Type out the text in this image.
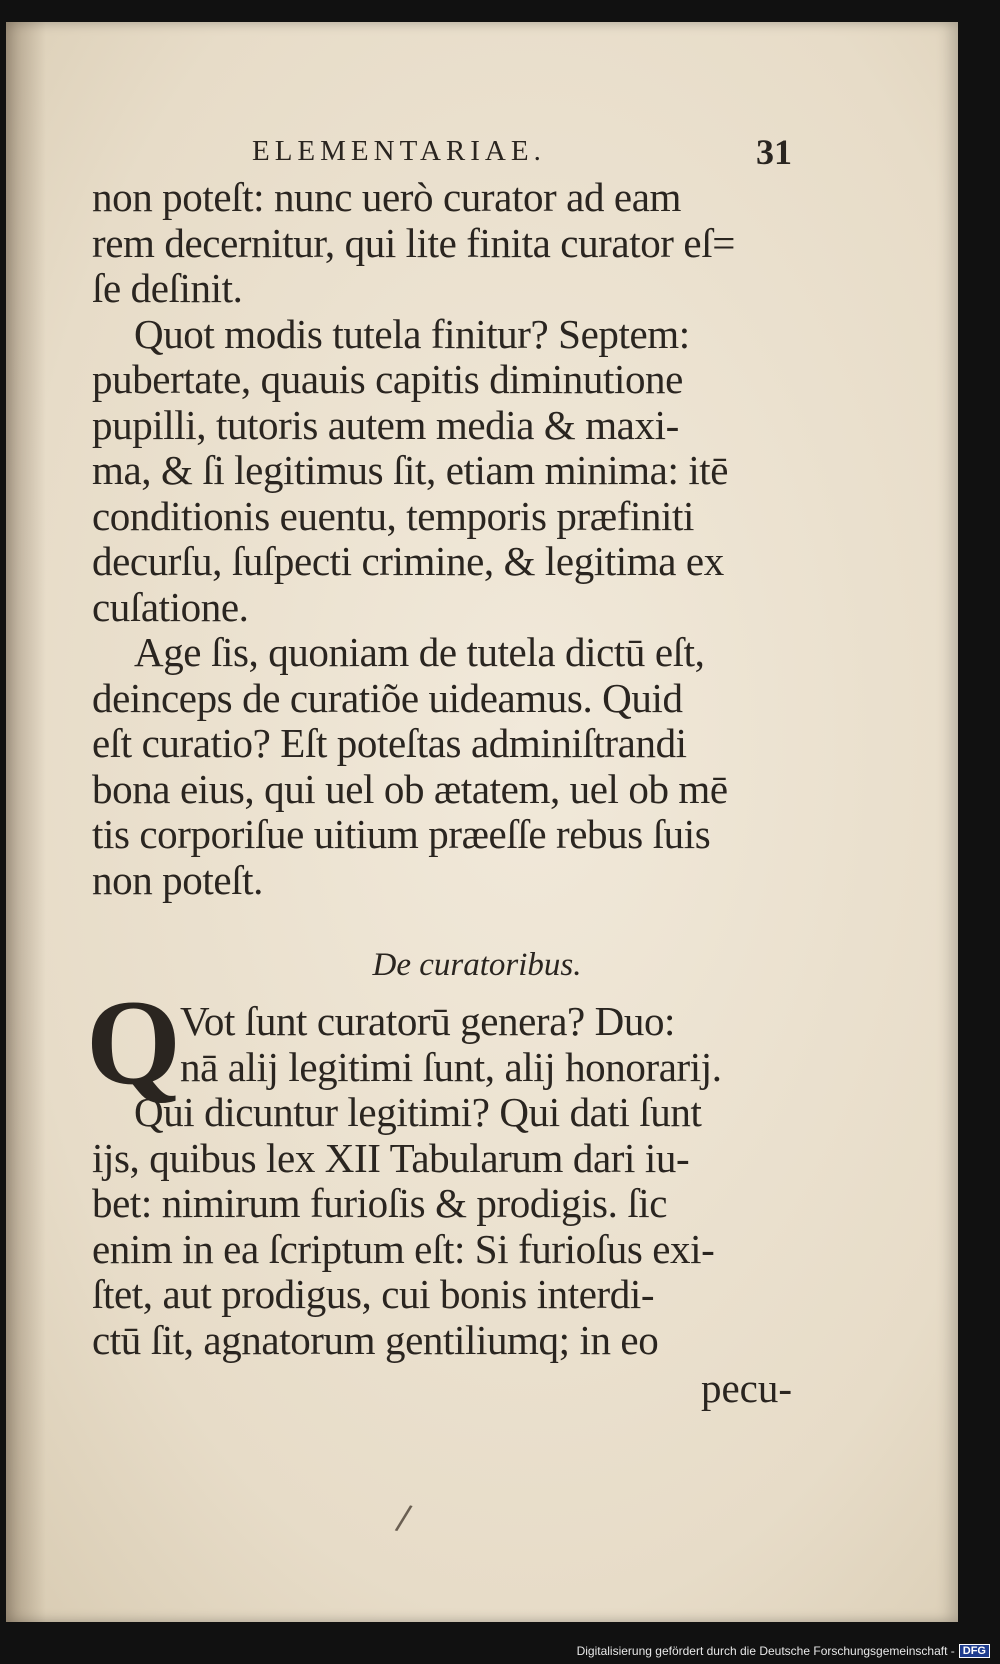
ELEMENTARIAE.	31
non poteſt: nunc uerò curator ad eam
rem decernitur, qui lite finita curator eſ=
ſe deſinit.
Quot modis tutela finitur? Septem:
pubertate, quauis capitis diminutione
pupilli, tutoris autem media & maxi-
ma, & ſi legitimus ſit, etiam minima: itē
conditionis euentu, temporis præfiniti
decurſu, ſuſpecti crimine, & legitima ex
cuſatione.
Age ſis, quoniam de tutela dictū eſt,
deinceps de curatiõe uideamus. Quid
eſt curatio? Eſt poteſtas adminiſtrandi
bona eius, qui uel ob ætatem, uel ob mē
tis corporiſue uitium præeſſe rebus ſuis
non poteſt.
De curatoribus.
Q Vot ſunt curatorū genera? Duo:
nā alij legitimi ſunt, alij honorarij.
Qui dicuntur legitimi? Qui dati ſunt
ijs, quibus lex XII Tabularum dari iu-
bet: nimirum furioſis & prodigis. ſic
enim in ea ſcriptum eſt: Si furioſus exi-
ſtet, aut prodigus, cui bonis interdi-
ctū ſit, agnatorum gentiliumq; in eo
pecu-
/
Digitalisierung gefördert durch die Deutsche Forschungsgemeinschaft - DFG
